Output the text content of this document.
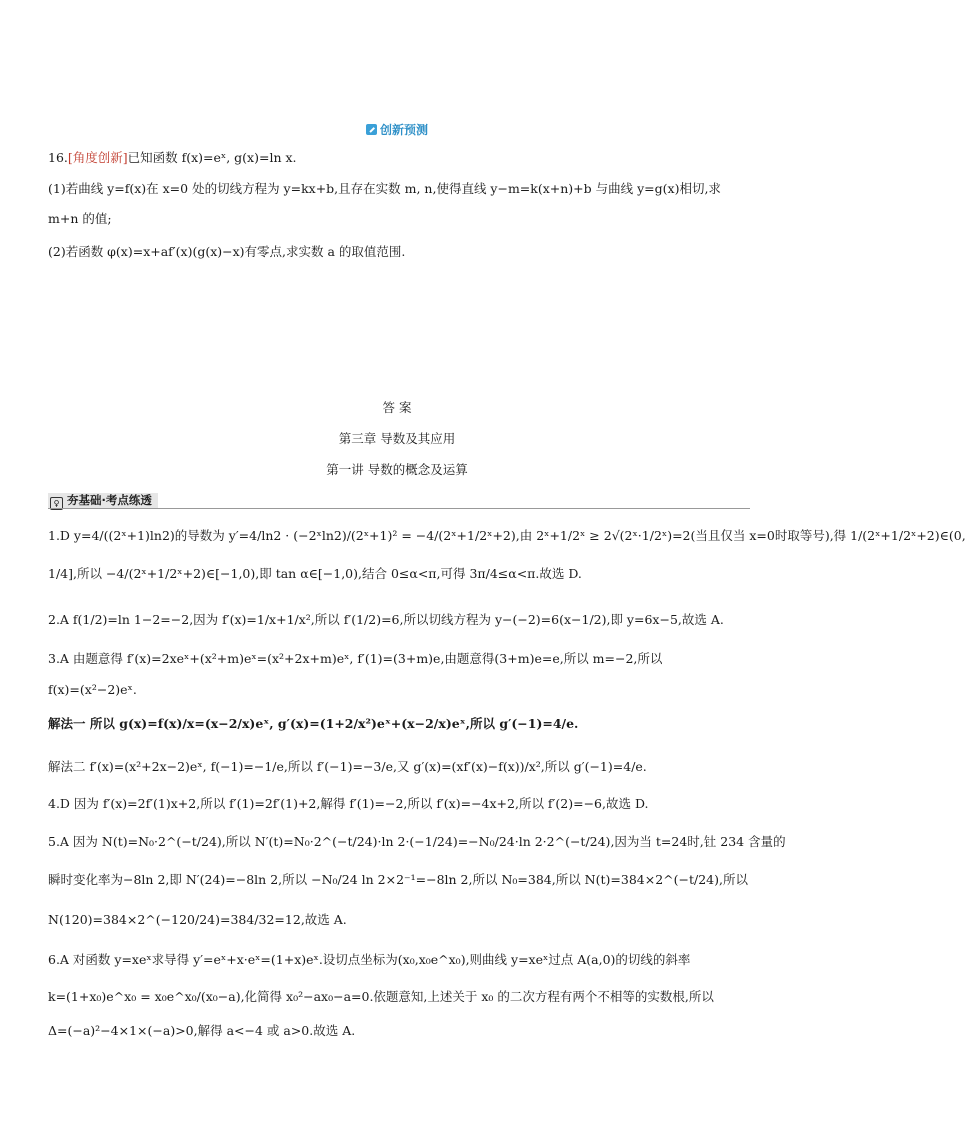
创新预测
16.[角度创新]已知函数 f(x)=eˣ, g(x)=ln x.
(1)若曲线 y=f(x)在 x=0 处的切线方程为 y=kx+b,且存在实数 m, n,使得直线 y−m=k(x+n)+b 与曲线 y=g(x)相切,求
m+n 的值;
(2)若函数 φ(x)=x+af′(x)(g(x)−x)有零点,求实数 a 的取值范围.
答 案
第三章 导数及其应用
第一讲 导数的概念及运算
♀ 夯基础·考点练透
1.D y=4/((2ˣ+1)ln2)的导数为 y′=4/ln2 · (−2ˣln2)/(2ˣ+1)² = −4/(2ˣ+1/2ˣ+2),由 2ˣ+1/2ˣ ≥ 2√(2ˣ·1/2ˣ)=2(当且仅当 x=0时取等号),得 1/(2ˣ+1/2ˣ+2)∈(0,
1/4],所以 −4/(2ˣ+1/2ˣ+2)∈[−1,0),即 tan α∈[−1,0),结合 0≤α<π,可得 3π/4≤α<π.故选 D.
2.A f(1/2)=ln 1−2=−2,因为 f′(x)=1/x+1/x²,所以 f′(1/2)=6,所以切线方程为 y−(−2)=6(x−1/2),即 y=6x−5,故选 A.
3.A 由题意得 f′(x)=2xeˣ+(x²+m)eˣ=(x²+2x+m)eˣ, f′(1)=(3+m)e,由题意得(3+m)e=e,所以 m=−2,所以
f(x)=(x²−2)eˣ.
解法一 所以 g(x)=f(x)/x=(x−2/x)eˣ, g′(x)=(1+2/x²)eˣ+(x−2/x)eˣ,所以 g′(−1)=4/e.
解法二 f′(x)=(x²+2x−2)eˣ, f(−1)=−1/e,所以 f′(−1)=−3/e,又 g′(x)=(xf′(x)−f(x))/x²,所以 g′(−1)=4/e.
4.D 因为 f′(x)=2f′(1)x+2,所以 f′(1)=2f′(1)+2,解得 f′(1)=−2,所以 f′(x)=−4x+2,所以 f′(2)=−6,故选 D.
5.A 因为 N(t)=N₀·2^(−t/24),所以 N′(t)=N₀·2^(−t/24)·ln 2·(−1/24)=−N₀/24·ln 2·2^(−t/24),因为当 t=24时,钍 234 含量的
瞬时变化率为−8ln 2,即 N′(24)=−8ln 2,所以 −N₀/24 ln 2×2⁻¹=−8ln 2,所以 N₀=384,所以 N(t)=384×2^(−t/24),所以
N(120)=384×2^(−120/24)=384/32=12,故选 A.
6.A 对函数 y=xeˣ求导得 y′=eˣ+x·eˣ=(1+x)eˣ.设切点坐标为(x₀,x₀e^x₀),则曲线 y=xeˣ过点 A(a,0)的切线的斜率
k=(1+x₀)e^x₀ = x₀e^x₀/(x₀−a),化简得 x₀²−ax₀−a=0.依题意知,上述关于 x₀ 的二次方程有两个不相等的实数根,所以
Δ=(−a)²−4×1×(−a)>0,解得 a<−4 或 a>0.故选 A.
